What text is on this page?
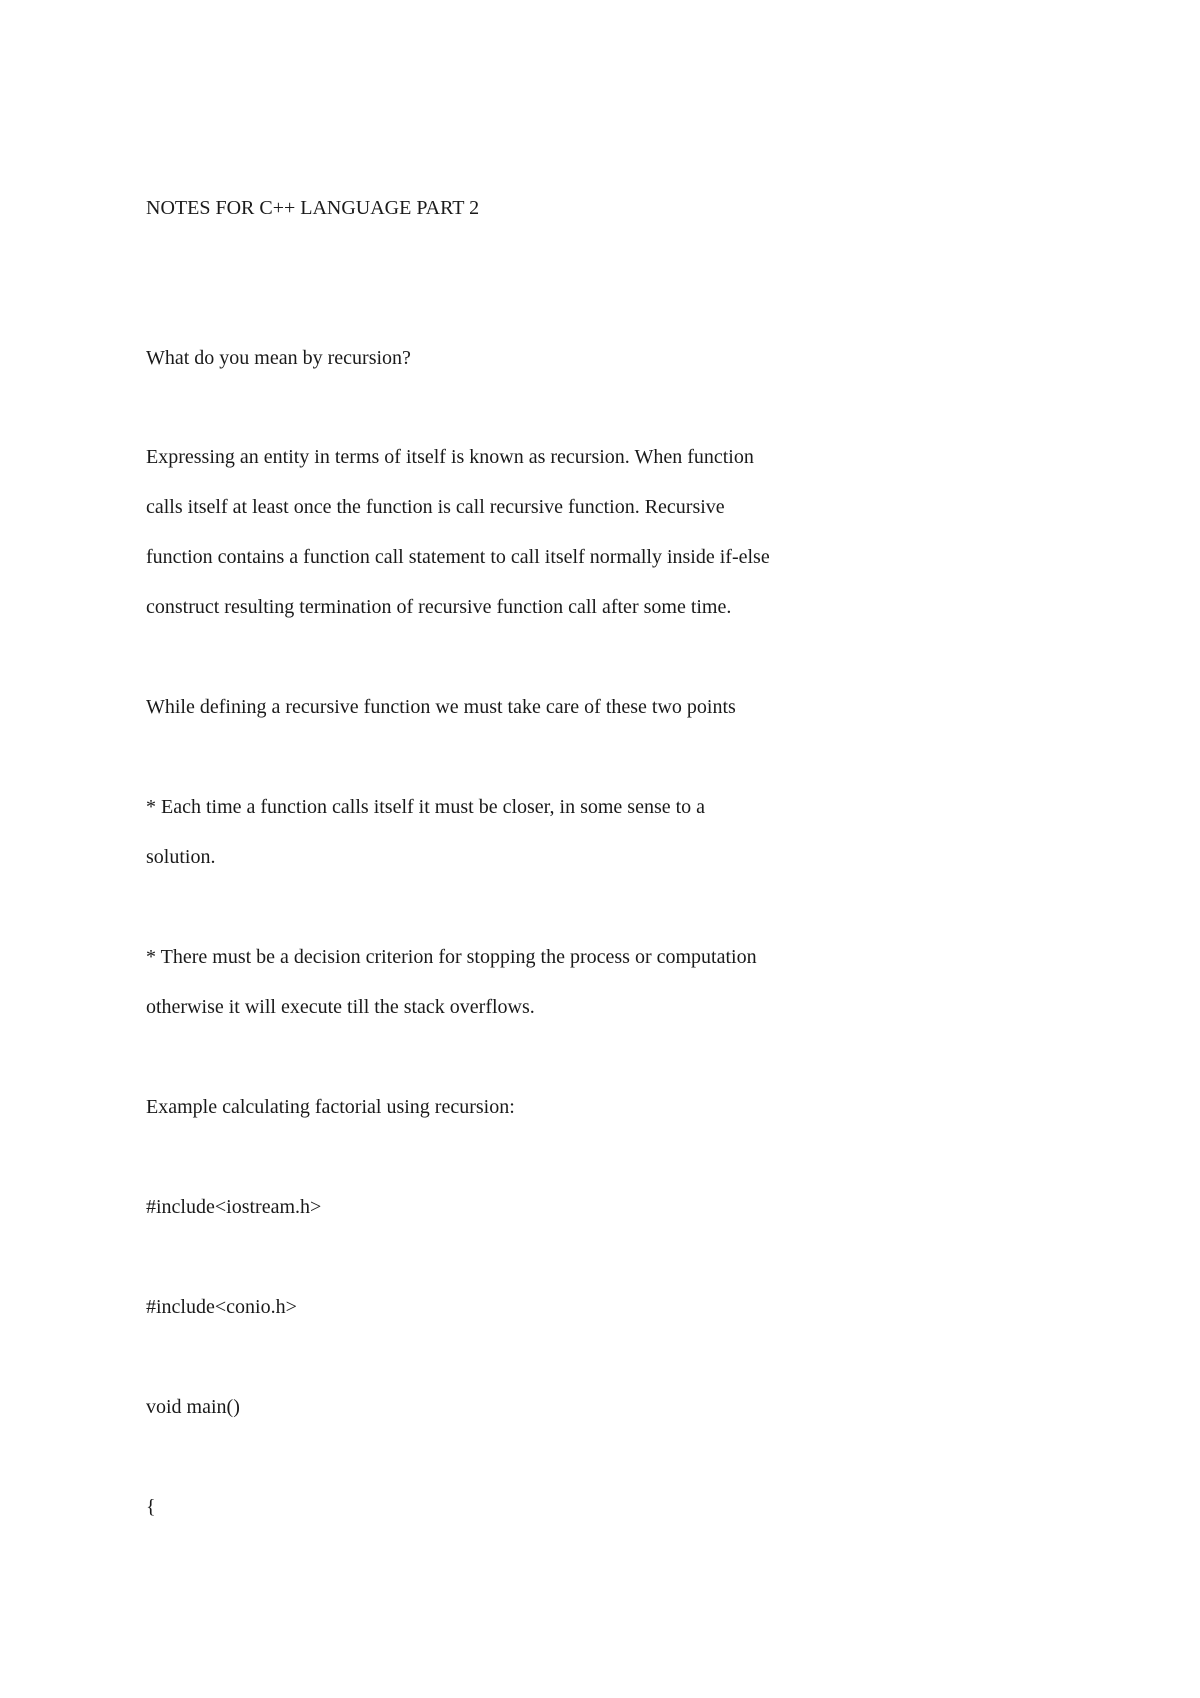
NOTES FOR C++ LANGUAGE PART 2
What do you mean by recursion?
Expressing an entity in terms of itself is known as recursion. When function
calls itself at least once the function is call recursive function. Recursive
function contains a function call statement to call itself normally inside if-else
construct resulting termination of recursive function call after some time.
While defining a recursive function we must take care of these two points
* Each time a function calls itself it must be closer, in some sense to a
solution.
* There must be a decision criterion for stopping the process or computation
otherwise it will execute till the stack overflows.
Example calculating factorial using recursion:
#include<iostream.h>
#include<conio.h>
void main()
{
